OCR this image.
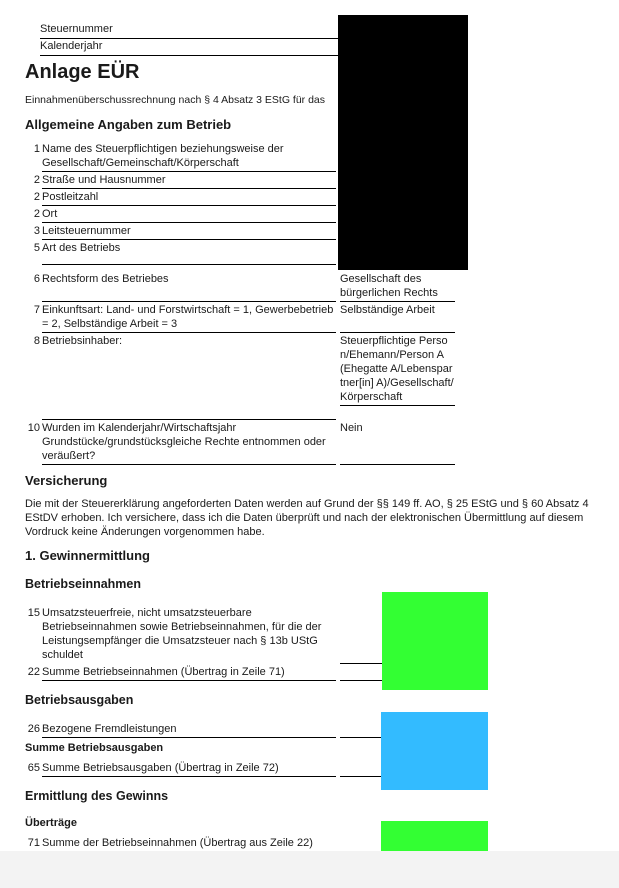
Steuernummer
Kalenderjahr
Anlage EÜR
Einnahmenüberschussrechnung nach § 4 Absatz 3 EStG für das
Allgemeine Angaben zum Betrieb
1 Name des Steuerpflichtigen beziehungsweise der Gesellschaft/Gemeinschaft/Körperschaft
2 Straße und Hausnummer
2 Postleitzahl
2 Ort
3 Leitsteuernummer
5 Art des Betriebs
6 Rechtsform des Betriebes	Gesellschaft des bürgerlichen Rechts
7 Einkunftsart: Land- und Forstwirtschaft = 1, Gewerbebetrieb = 2, Selbständige Arbeit = 3
Selbständige Arbeit
8 Betriebsinhaber:	Steuerpflichtige Person/Ehemann/Person A (Ehegatte A/Lebenspartner[in] A)/Gesellschaft/Körperschaft
10 Wurden im Kalenderjahr/Wirtschaftsjahr Grundstücke/grundstücksgleiche Rechte entnommen oder veräußert?
Nein
Versicherung
Die mit der Steuererklärung angeforderten Daten werden auf Grund der §§ 149 ff. AO, § 25 EStG und § 60 Absatz 4 EStDV erhoben. Ich versichere, dass ich die Daten überprüft und nach der elektronischen Übermittlung auf diesem Vordruck keine Änderungen vorgenommen habe.
1. Gewinnermittlung
Betriebseinnahmen
15 Umsatzsteuerfreie, nicht umsatzsteuerbare Betriebseinnahmen sowie Betriebseinnahmen, für die der Leistungsempfänger die Umsatzsteuer nach § 13b UStG schuldet
22 Summe Betriebseinnahmen (Übertrag in Zeile 71)
Betriebsausgaben
26 Bezogene Fremdleistungen
Summe Betriebsausgaben
65 Summe Betriebsausgaben (Übertrag in Zeile 72)
Ermittlung des Gewinns
Überträge
71 Summe der Betriebseinnahmen (Übertrag aus Zeile 22)
